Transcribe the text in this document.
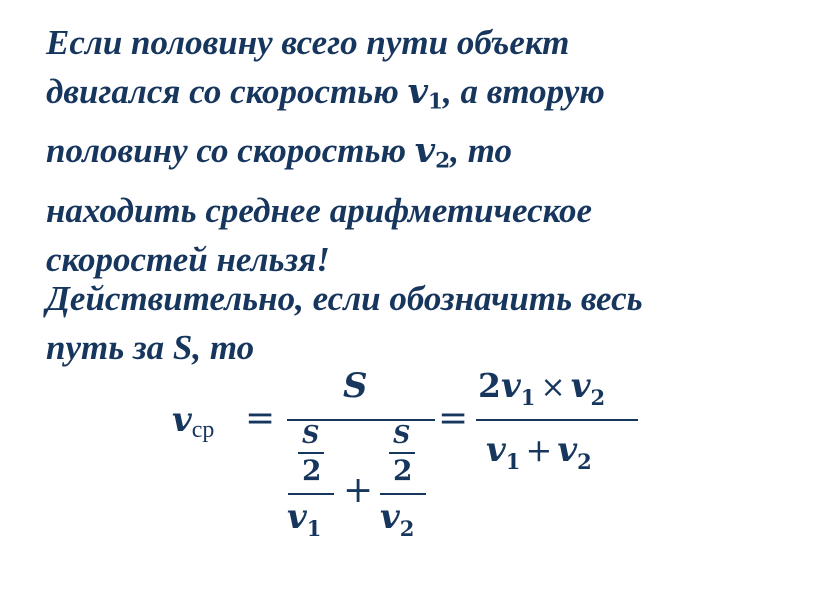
Если половину всего пути объект
двигался со скоростью $v_1$, а вторую
половину со скоростью $v_2$, то
находить среднее арифметическое
скоростей нельзя!

Действительно, если обозначить весь
путь за S, то

vср =
S
S
2
v1
+
S
2
v2
=
2v1 × v2
v1 + v2
